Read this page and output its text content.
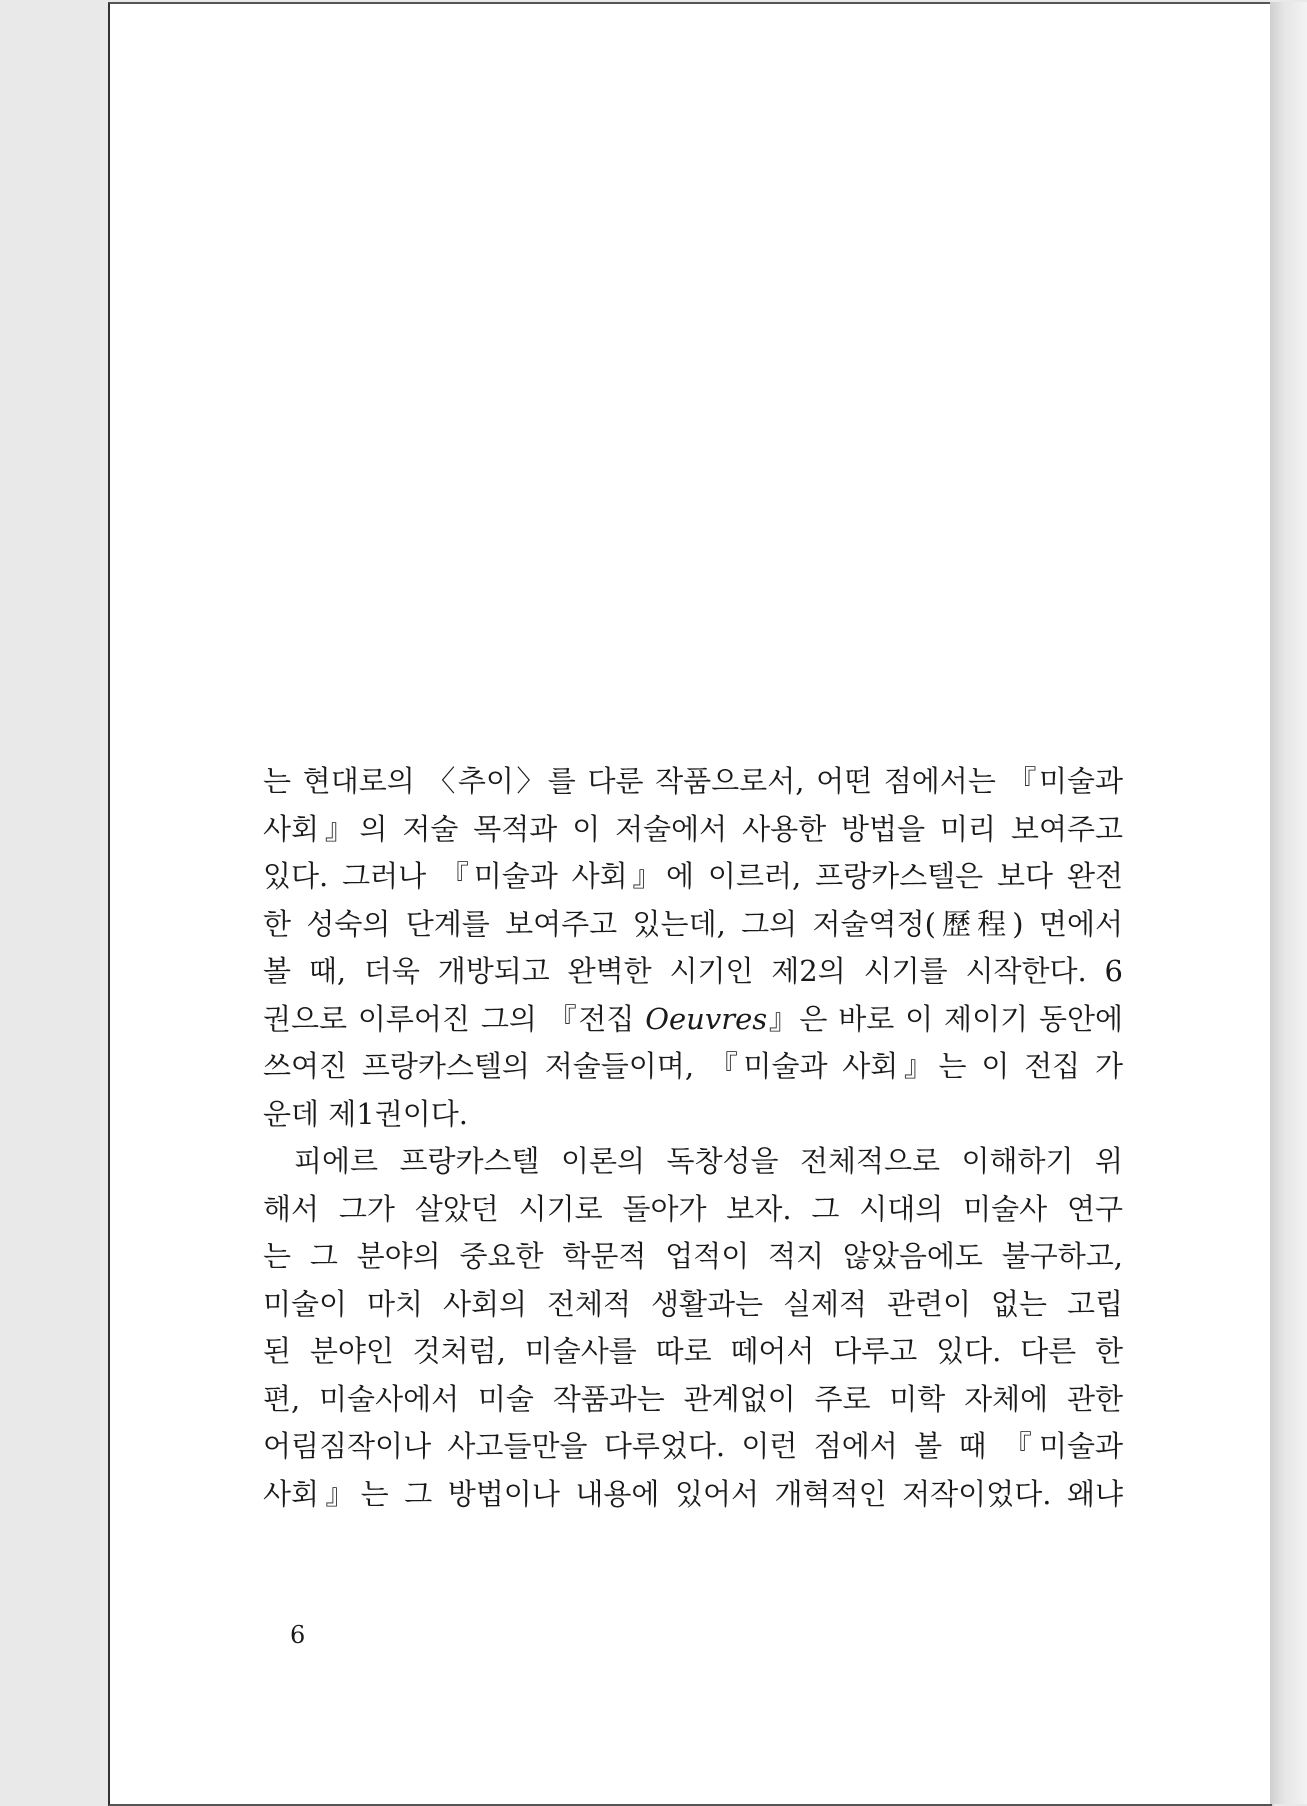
는 현대로의 〈추이〉를 다룬 작품으로서, 어떤 점에서는 『미술과
사회』의 저술 목적과 이 저술에서 사용한 방법을 미리 보여주고
있다. 그러나 『미술과 사회』에 이르러, 프랑카스텔은 보다 완전
한 성숙의 단계를 보여주고 있는데, 그의 저술역정(歷程) 면에서
볼 때, 더욱 개방되고 완벽한 시기인 제2의 시기를 시작한다. 6
권으로 이루어진 그의 『전집 Oeuvres』은 바로 이 제이기 동안에
쓰여진 프랑카스텔의 저술들이며, 『미술과 사회』는 이 전집 가
운데 제1권이다.
피에르 프랑카스텔 이론의 독창성을 전체적으로 이해하기 위
해서 그가 살았던 시기로 돌아가 보자. 그 시대의 미술사 연구
는 그 분야의 중요한 학문적 업적이 적지 않았음에도 불구하고,
미술이 마치 사회의 전체적 생활과는 실제적 관련이 없는 고립
된 분야인 것처럼, 미술사를 따로 떼어서 다루고 있다. 다른 한
편, 미술사에서 미술 작품과는 관계없이 주로 미학 자체에 관한
어림짐작이나 사고들만을 다루었다. 이런 점에서 볼 때 『미술과
사회』는 그 방법이나 내용에 있어서 개혁적인 저작이었다. 왜냐
6
